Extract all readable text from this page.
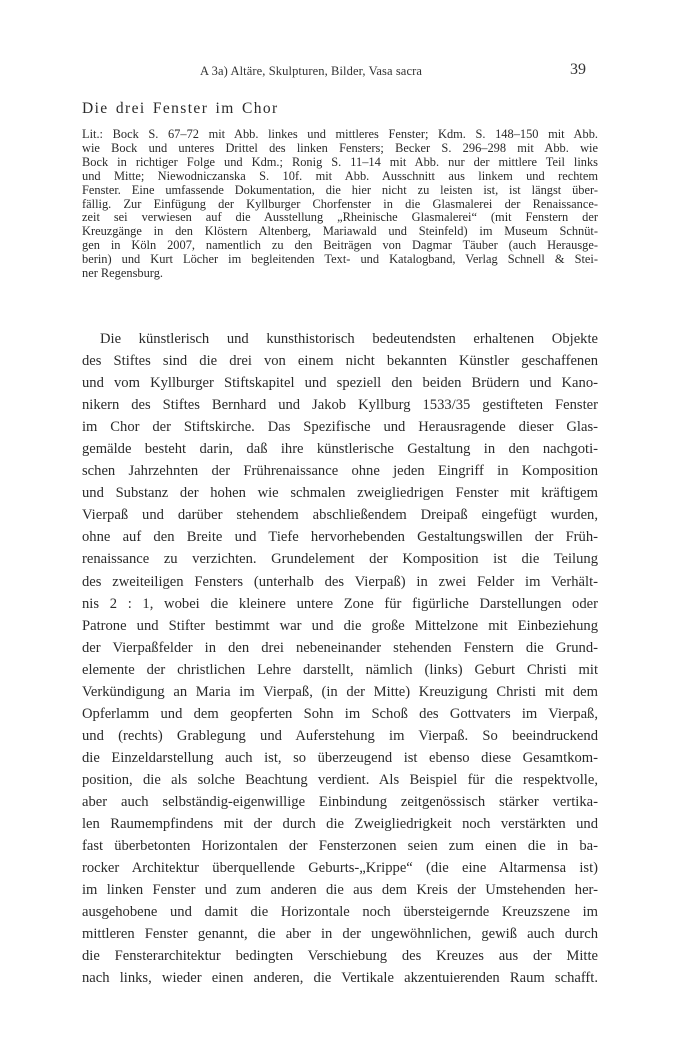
A 3a) Altäre, Skulpturen, Bilder, Vasa sacra	39
Die drei Fenster im Chor
Lit.: Bock S. 67–72 mit Abb. linkes und mittleres Fenster; Kdm. S. 148–150 mit Abb.
wie Bock und unteres Drittel des linken Fensters; Becker S. 296–298 mit Abb. wie
Bock in richtiger Folge und Kdm.; Ronig S. 11–14 mit Abb. nur der mittlere Teil links
und Mitte; Niewodniczanska S. 10f. mit Abb. Ausschnitt aus linkem und rechtem
Fenster. Eine umfassende Dokumentation, die hier nicht zu leisten ist, ist längst über-
fällig. Zur Einfügung der Kyllburger Chorfenster in die Glasmalerei der Renaissance-
zeit sei verwiesen auf die Ausstellung „Rheinische Glasmalerei“ (mit Fenstern der
Kreuzgänge in den Klöstern Altenberg, Mariawald und Steinfeld) im Museum Schnüt-
gen in Köln 2007, namentlich zu den Beiträgen von Dagmar Täuber (auch Herausge-
berin) und Kurt Löcher im begleitenden Text- und Katalogband, Verlag Schnell & Stei-
ner Regensburg.
Die künstlerisch und kunsthistorisch bedeutendsten erhaltenen Objekte
des Stiftes sind die drei von einem nicht bekannten Künstler geschaffenen
und vom Kyllburger Stiftskapitel und speziell den beiden Brüdern und Kano-
nikern des Stiftes Bernhard und Jakob Kyllburg 1533/35 gestifteten Fenster
im Chor der Stiftskirche. Das Spezifische und Herausragende dieser Glas-
gemälde besteht darin, daß ihre künstlerische Gestaltung in den nachgoti-
schen Jahrzehnten der Frührenaissance ohne jeden Eingriff in Komposition
und Substanz der hohen wie schmalen zweigliedrigen Fenster mit kräftigem
Vierpaß und darüber stehendem abschließendem Dreipaß eingefügt wurden,
ohne auf den Breite und Tiefe hervorhebenden Gestaltungswillen der Früh-
renaissance zu verzichten. Grundelement der Komposition ist die Teilung
des zweiteiligen Fensters (unterhalb des Vierpaß) in zwei Felder im Verhält-
nis 2 : 1, wobei die kleinere untere Zone für figürliche Darstellungen oder
Patrone und Stifter bestimmt war und die große Mittelzone mit Einbeziehung
der Vierpaßfelder in den drei nebeneinander stehenden Fenstern die Grund-
elemente der christlichen Lehre darstellt, nämlich (links) Geburt Christi mit
Verkündigung an Maria im Vierpaß, (in der Mitte) Kreuzigung Christi mit dem
Opferlamm und dem geopferten Sohn im Schoß des Gottvaters im Vierpaß,
und (rechts) Grablegung und Auferstehung im Vierpaß. So beeindruckend
die Einzeldarstellung auch ist, so überzeugend ist ebenso diese Gesamtkom-
position, die als solche Beachtung verdient. Als Beispiel für die respektvolle,
aber auch selbständig-eigenwillige Einbindung zeitgenössisch stärker vertika-
len Raumempfindens mit der durch die Zweigliedrigkeit noch verstärkten und
fast überbetonten Horizontalen der Fensterzonen seien zum einen die in ba-
rocker Architektur überquellende Geburts-„Krippe“ (die eine Altarmensa ist)
im linken Fenster und zum anderen die aus dem Kreis der Umstehenden her-
ausgehobene und damit die Horizontale noch übersteigernde Kreuzszene im
mittleren Fenster genannt, die aber in der ungewöhnlichen, gewiß auch durch
die Fensterarchitektur bedingten Verschiebung des Kreuzes aus der Mitte
nach links, wieder einen anderen, die Vertikale akzentuierenden Raum schafft.
